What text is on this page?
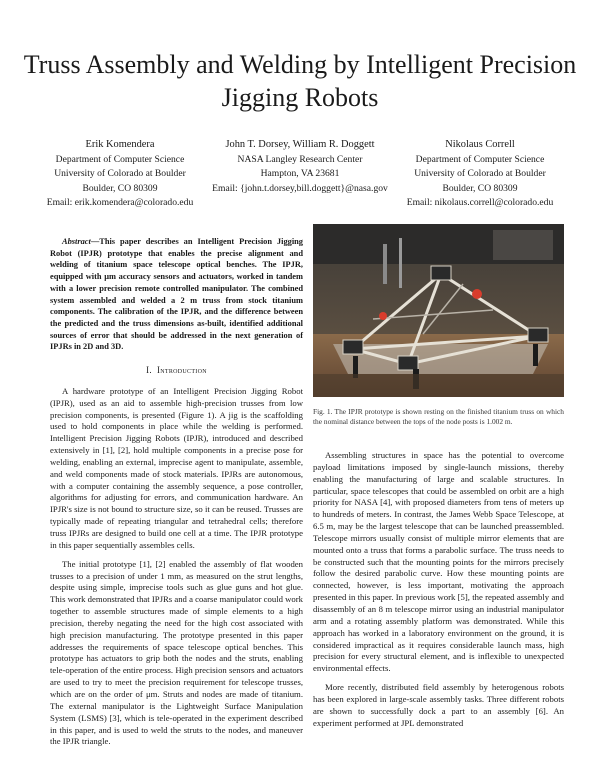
Truss Assembly and Welding by Intelligent Precision Jigging Robots
Erik Komendera
Department of Computer Science
University of Colorado at Boulder
Boulder, CO 80309
Email: erik.komendera@colorado.edu
John T. Dorsey, William R. Doggett
NASA Langley Research Center
Hampton, VA 23681
Email: {john.t.dorsey,bill.doggett}@nasa.gov
Nikolaus Correll
Department of Computer Science
University of Colorado at Boulder
Boulder, CO 80309
Email: nikolaus.correll@colorado.edu

Abstract—This paper describes an Intelligent Precision Jigging Robot (IPJR) prototype that enables the precise alignment and welding of titanium space telescope optical benches. The IPJR, equipped with μm accuracy sensors and actuators, worked in tandem with a lower precision remote controlled manipulator. The combined system assembled and welded a 2 m truss from stock titanium components. The calibration of the IPJR, and the difference between the predicted and the truss dimensions as-built, identified additional sources of error that should be addressed in the next generation of IPJRs in 2D and 3D.

I. Introduction

A hardware prototype of an Intelligent Precision Jigging Robot (IPJR), used as an aid to assemble high-precision trusses from low precision components, is presented (Figure 1). A jig is the scaffolding used to hold components in place while the welding is performed. Intelligent Precision Jigging Robots (IPJR), introduced and described extensively in [1], [2], hold multiple components in a precise pose for welding, enabling an external, imprecise agent to manipulate, assemble, and weld components made of stock materials. IPJRs are autonomous, with a computer containing the assembly sequence, a pose controller, algorithms for adjusting for errors, and communication hardware. An IPJR's size is not bound to structure size, so it can be reused. Trusses are typically made of repeating triangular and tetrahedral cells; therefore truss IPJRs are designed to build one cell at a time. The IPJR prototype in this paper sequentially assembles cells.

The initial prototype [1], [2] enabled the assembly of flat wooden trusses to a precision of under 1 mm, as measured on the strut lengths, despite using simple, imprecise tools such as glue guns and hot glue. This work demonstrated that IPJRs and a coarse manipulator could work together to assemble structures made of simple elements to a high precision, thereby negating the need for the high cost associated with high precision manufacturing. The prototype presented in this paper addresses the requirements of space telescope optical benches. This prototype has actuators to grip both the nodes and the struts, enabling tele-operation of the entire process. High precision sensors and actuators are used to try to meet the precision requirement for telescope trusses, which are on the order of μm. Struts and nodes are made of titanium. The external manipulator is the Lightweight Surface Manipulation System (LSMS) [3], which is tele-operated in the experiment described in this paper, and is used to weld the struts to the nodes, and maneuver the IPJR triangle.

Fig. 1. The IPJR prototype is shown resting on the finished titanium truss on which the nominal distance between the tops of the node posts is 1.002 m.

Assembling structures in space has the potential to overcome payload limitations imposed by single-launch missions, thereby enabling the manufacturing of large and scalable structures. In particular, space telescopes that could be assembled on orbit are a high priority for NASA [4], with proposed diameters from tens of meters up to hundreds of meters. In contrast, the James Webb Space Telescope, at 6.5 m, may be the largest telescope that can be launched preassembled. Telescope mirrors usually consist of multiple mirror elements that are mounted onto a truss that forms a parabolic surface. The truss needs to be constructed such that the mounting points for the mirrors precisely follow the desired parabolic curve. How these mounting points are connected, however, is less important, motivating the approach presented in this paper. In previous work [5], the repeated assembly and disassembly of an 8 m telescope mirror using an industrial manipulator arm and a rotating assembly platform was demonstrated. While this approach has worked in a laboratory environment on the ground, it is considered impractical as it requires considerable launch mass, high precision for every structural element, and is inflexible to unexpected environmental effects.

More recently, distributed field assembly by heterogenous robots has been explored in large-scale assembly tasks. Three different robots are shown to successfully dock a part to an assembly [6]. An experiment performed at JPL demonstrated
